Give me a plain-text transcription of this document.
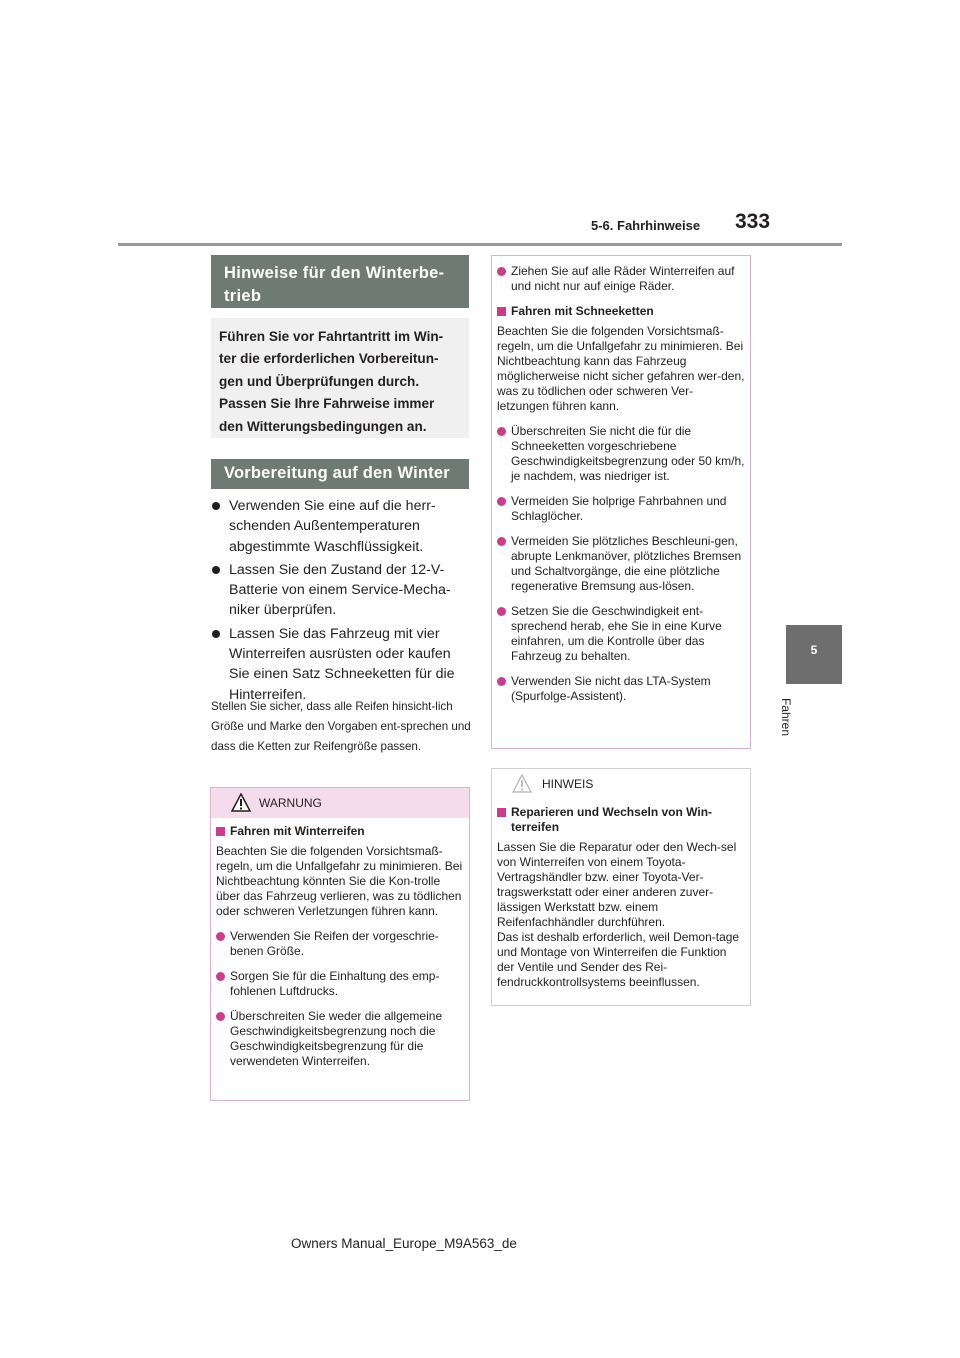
5-6. Fahrhinweise 333
5
Fahren
Hinweise für den Winterbe-trieb
Führen Sie vor Fahrtantritt im Win-
ter die erforderlichen Vorbereitun-
gen und Überprüfungen durch.
Passen Sie Ihre Fahrweise immer
den Witterungsbedingungen an.
Vorbereitung auf den Winter
Verwenden Sie eine auf die herr-schenden Außentemperaturen abgestimmte Waschflüssigkeit.
Lassen Sie den Zustand der 12-V-Batterie von einem Service-Mecha-niker überprüfen.
Lassen Sie das Fahrzeug mit vier Winterreifen ausrüsten oder kaufen Sie einen Satz Schneeketten für die Hinterreifen.
Stellen Sie sicher, dass alle Reifen hinsicht-lich Größe und Marke den Vorgaben ent-sprechen und dass die Ketten zur Reifengröße passen.
WARNUNG
Fahren mit Winterreifen
Beachten Sie die folgenden Vorsichtsmaß-regeln, um die Unfallgefahr zu minimieren. Bei Nichtbeachtung könnten Sie die Kon-trolle über das Fahrzeug verlieren, was zu tödlichen oder schweren Verletzungen führen kann.
Verwenden Sie Reifen der vorgeschrie-benen Größe.
Sorgen Sie für die Einhaltung des emp-fohlenen Luftdrucks.
Überschreiten Sie weder die allgemeine Geschwindigkeitsbegrenzung noch die Geschwindigkeitsbegrenzung für die verwendeten Winterreifen.
Ziehen Sie auf alle Räder Winterreifen auf und nicht nur auf einige Räder.
Fahren mit Schneeketten
Beachten Sie die folgenden Vorsichtsmaß-regeln, um die Unfallgefahr zu minimieren. Bei Nichtbeachtung kann das Fahrzeug möglicherweise nicht sicher gefahren wer-den, was zu tödlichen oder schweren Ver-letzungen führen kann.
Überschreiten Sie nicht die für die Schneeketten vorgeschriebene Geschwindigkeitsbegrenzung oder 50 km/h, je nachdem, was niedriger ist.
Vermeiden Sie holprige Fahrbahnen und Schlaglöcher.
Vermeiden Sie plötzliches Beschleuni-gen, abrupte Lenkmanöver, plötzliches Bremsen und Schaltvorgänge, die eine plötzliche regenerative Bremsung aus-lösen.
Setzen Sie die Geschwindigkeit ent-sprechend herab, ehe Sie in eine Kurve einfahren, um die Kontrolle über das Fahrzeug zu behalten.
Verwenden Sie nicht das LTA-System (Spurfolge-Assistent).
HINWEIS
Reparieren und Wechseln von Win-terreifen
Lassen Sie die Reparatur oder den Wech-sel von Winterreifen von einem Toyota-Vertragshändler bzw. einer Toyota-Ver-tragswerkstatt oder einer anderen zuver-lässigen Werkstatt bzw. einem Reifenfachhändler durchführen.
Das ist deshalb erforderlich, weil Demon-tage und Montage von Winterreifen die Funktion der Ventile und Sender des Rei-fendruckkontrollsystems beeinflussen.
Owners Manual_Europe_M9A563_de
